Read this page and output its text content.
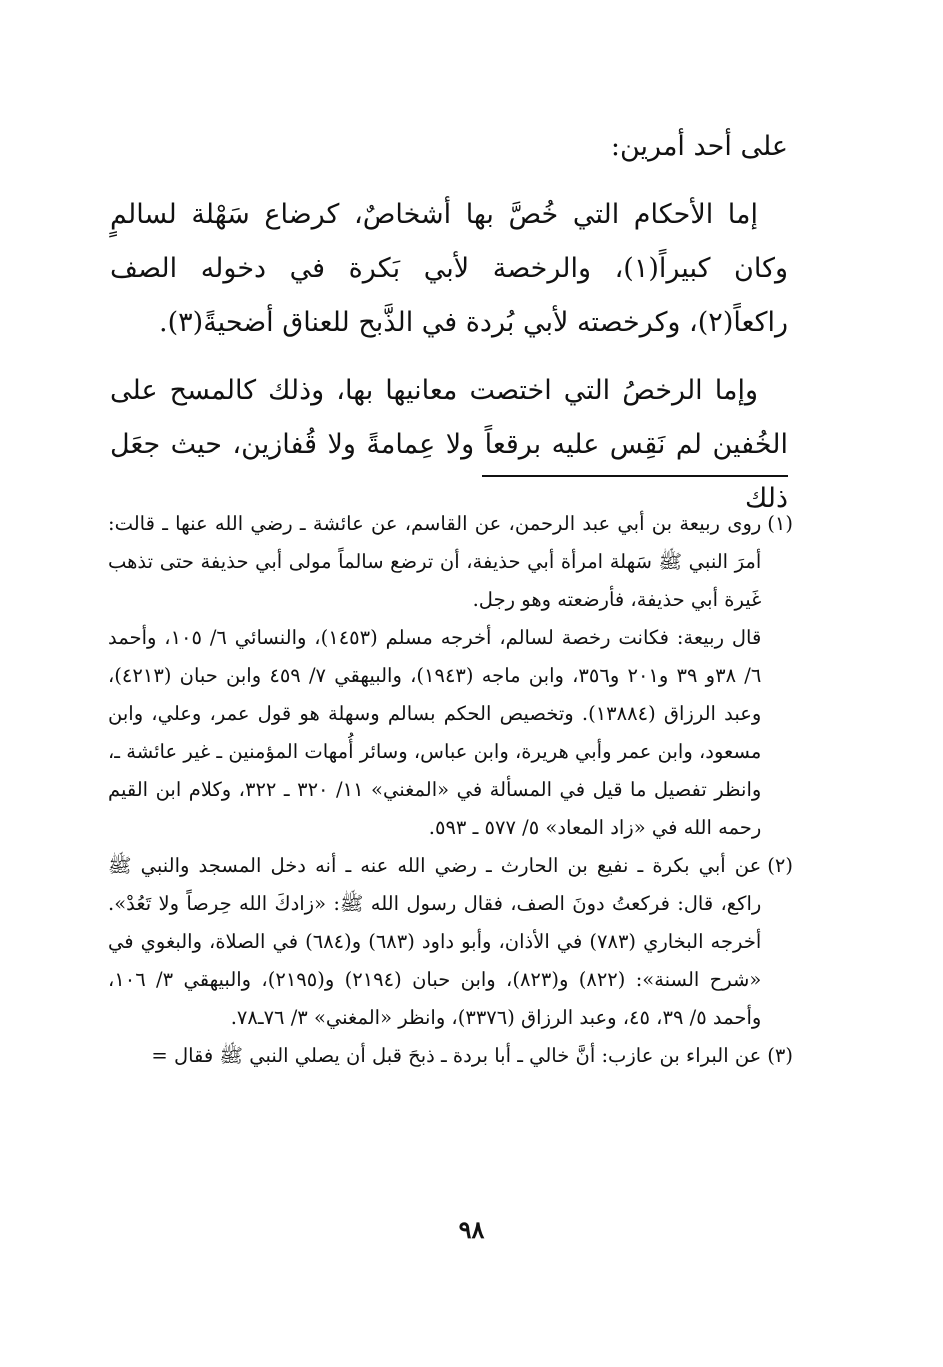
على أحد أمرين:

إما الأحكام التي خُصَّ بها أشخاصٌ، كرضاع سَهْلة لسالمٍ وكان كبيراً(١)، والرخصة لأبي بَكرة في دخوله الصف راكعاً(٢)، وكرخصته لأبي بُردة في الذَّبح للعناق أضحيةً(٣).

وإما الرخصُ التي اختصت معانيها بها، وذلك كالمسح على الخُفين لم نَقِس عليه برقعاً ولا عِمامةً ولا قُفازين، حيث جعَل ذلك

(١)

روى ربيعة بن أبي عبد الرحمن، عن القاسم، عن عائشة ـ رضي الله عنها ـ قالت: أمرَ النبي ﷺ سَهلة امرأة أبي حذيفة، أن ترضع سالماً مولى أبي حذيفة حتى تذهب غَيرة أبي حذيفة، فأرضعته وهو رجل.

قال ربيعة: فكانت رخصة لسالم، أخرجه مسلم (١٤٥٣)، والنسائي ٦/ ١٠٥، وأحمد ٦/ ٣٨و ٣٩ و٢٠١ و٣٥٦، وابن ماجه (١٩٤٣)، والبيهقي ٧/ ٤٥٩ وابن حبان (٤٢١٣)، وعبد الرزاق (١٣٨٨٤). وتخصيص الحكم بسالم وسهلة هو قول عمر، وعلي، وابن مسعود، وابن عمر وأبي هريرة، وابن عباس، وسائر أُمهات المؤمنين ـ غير عائشة ـ، وانظر تفصيل ما قيل في المسألة في «المغني» ١١/ ٣٢٠ ـ ٣٢٢، وكلام ابن القيم رحمه الله في «زاد المعاد» ٥/ ٥٧٧ ـ ٥٩٣.

(٢)

عن أبي بكرة ـ نفيع بن الحارث ـ رضي الله عنه ـ أنه دخل المسجد والنبي ﷺ راكع، قال: فركعتُ دونَ الصف، فقال رسول الله ﷺ: «زادكَ الله حِرصاً ولا تَعُدْ». أخرجه البخاري (٧٨٣) في الأذان، وأبو داود (٦٨٣) و(٦٨٤) في الصلاة، والبغوي في «شرح السنة»: (٨٢٢) و(٨٢٣)، وابن حبان (٢١٩٤) و(٢١٩٥)، والبيهقي ٣/ ١٠٦، وأحمد ٥/ ٣٩، ٤٥، وعبد الرزاق (٣٣٧٦)، وانظر «المغني» ٣/ ٧٦ـ٧٨.

(٣)

عن البراء بن عازب: أنَّ خالي ـ أبا بردة ـ ذبحَ قبل أن يصلي النبي ﷺ فقال =

٩٨
